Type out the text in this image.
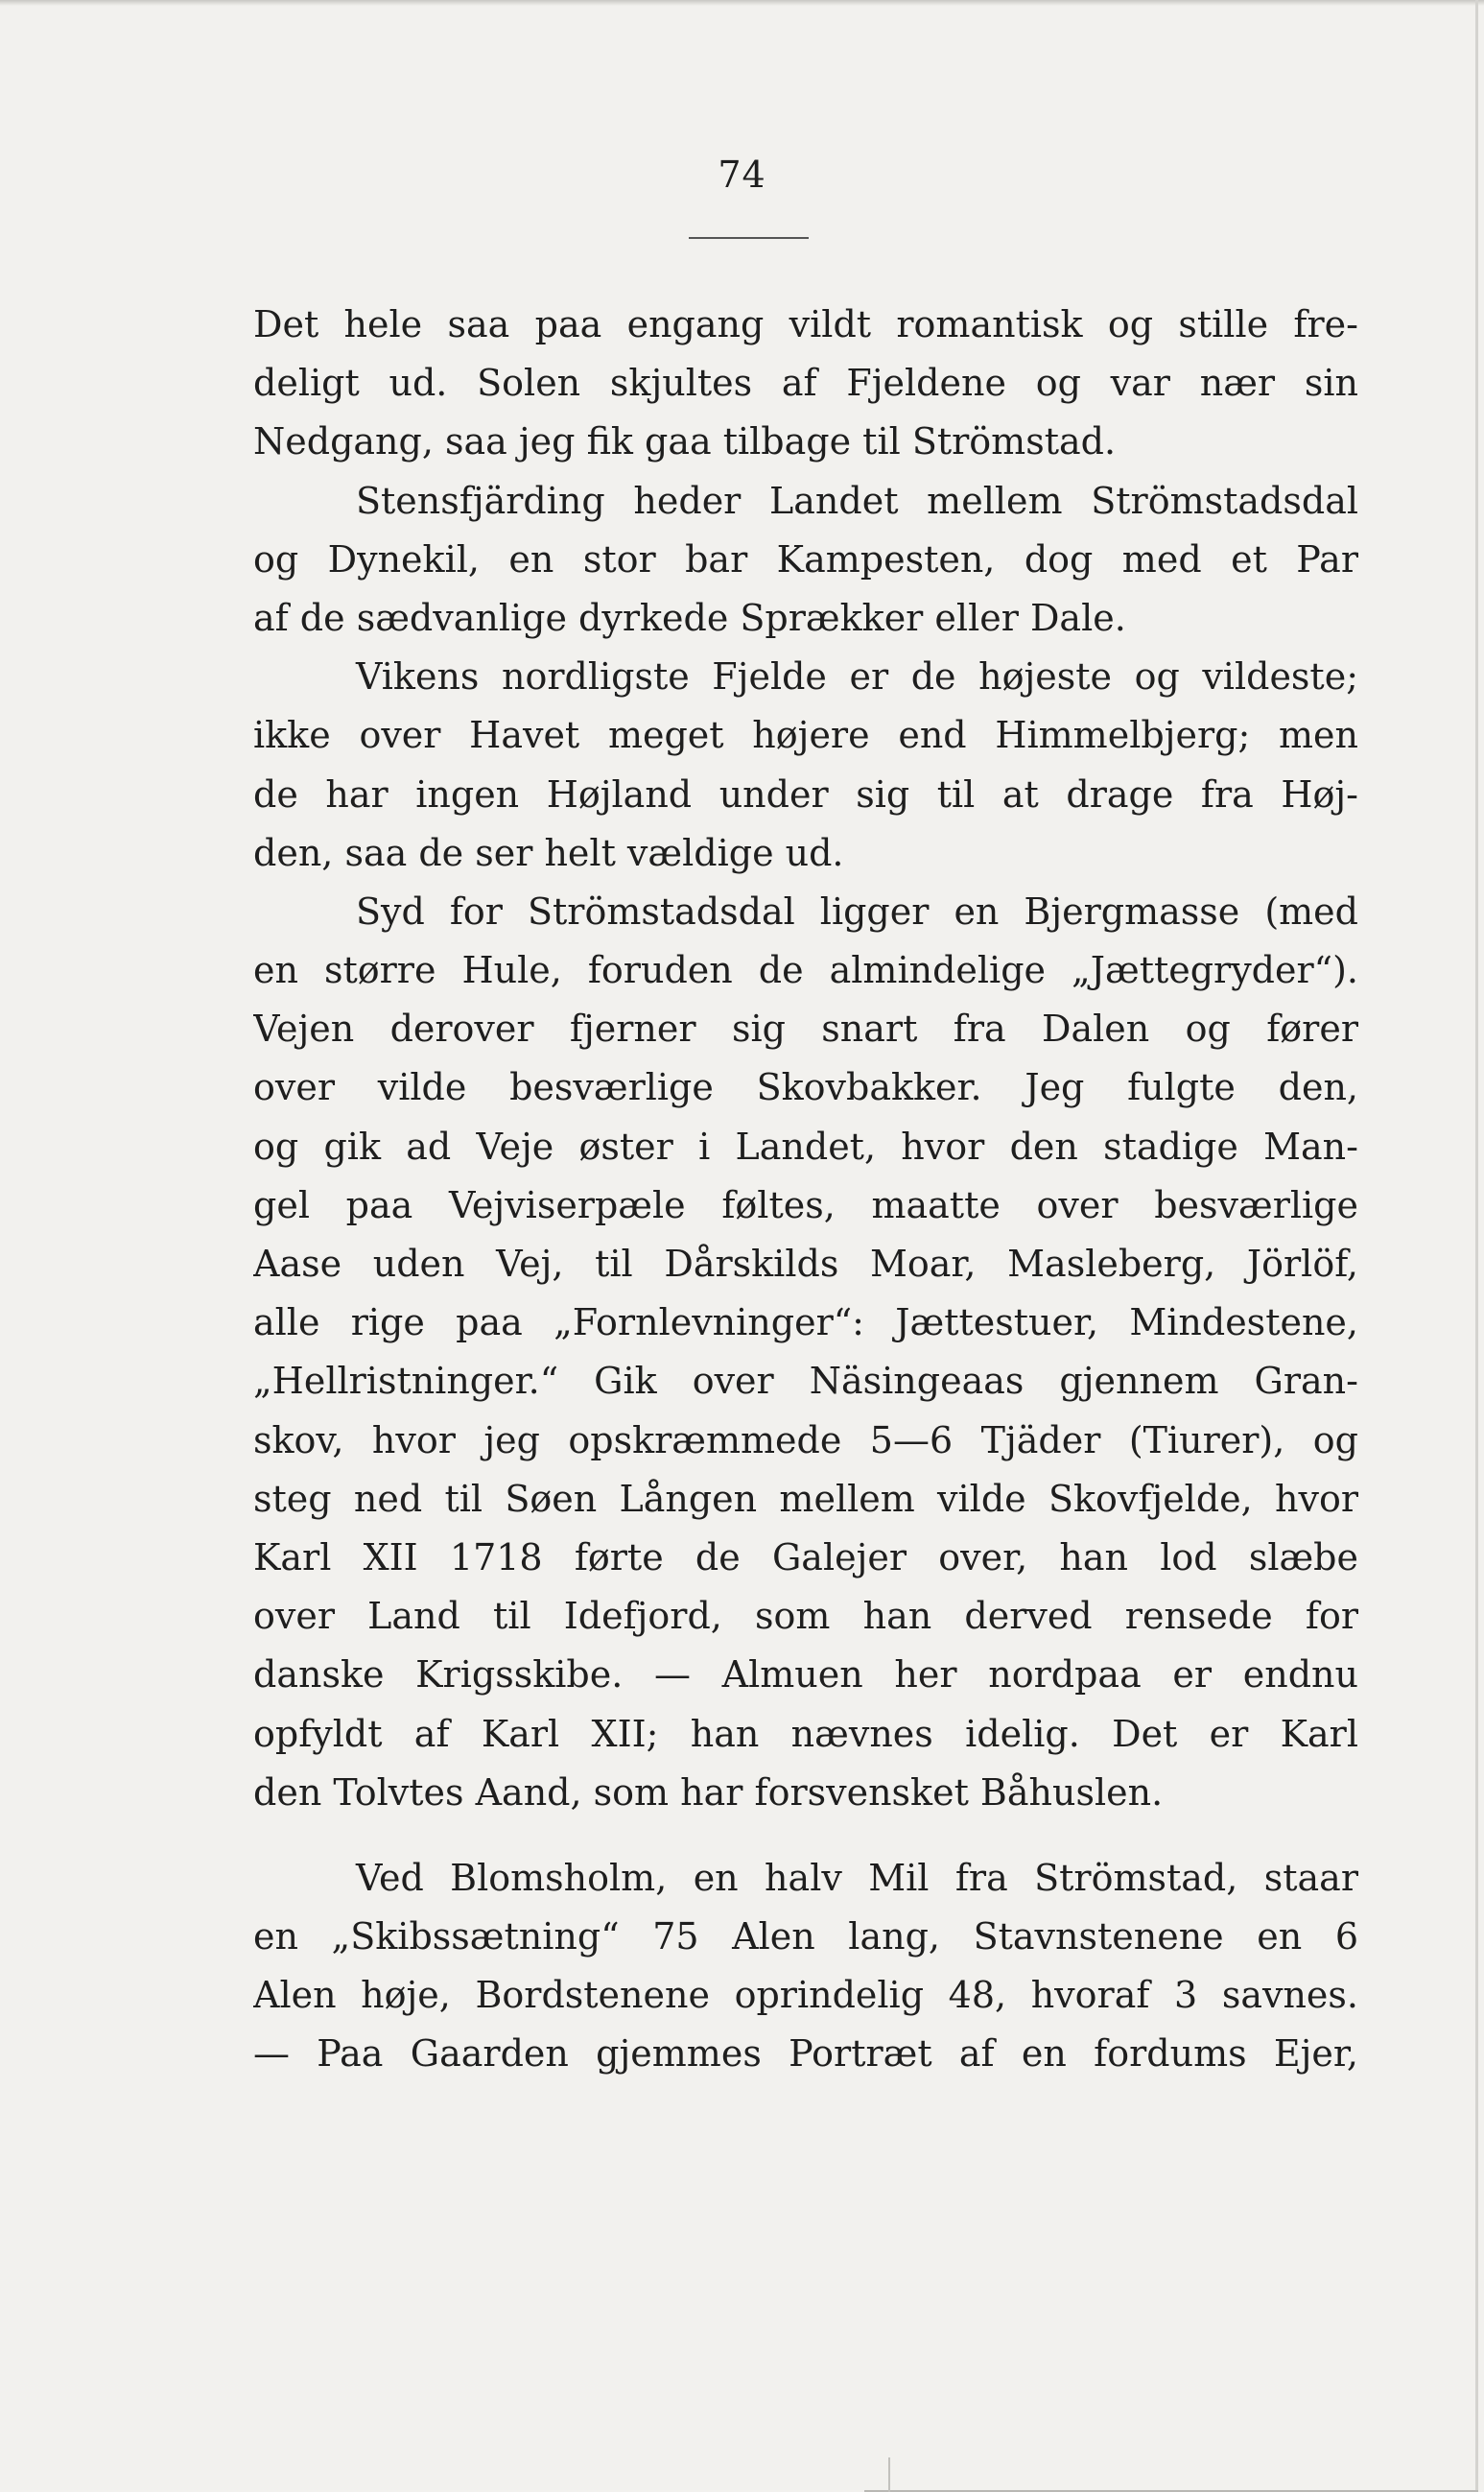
74
Det hele saa paa engang vildt romantisk og stille fre-
deligt ud. Solen skjultes af Fjeldene og var nær sin
Nedgang, saa jeg fik gaa tilbage til Strömstad.
Stensfjärding heder Landet mellem Strömstadsdal
og Dynekil, en stor bar Kampesten, dog med et Par
af de sædvanlige dyrkede Sprækker eller Dale.
Vikens nordligste Fjelde er de højeste og vildeste;
ikke over Havet meget højere end Himmelbjerg; men
de har ingen Højland under sig til at drage fra Høj-
den, saa de ser helt vældige ud.
Syd for Strömstadsdal ligger en Bjergmasse (med
en større Hule, foruden de almindelige „Jættegryder“).
Vejen derover fjerner sig snart fra Dalen og fører
over vilde besværlige Skovbakker. Jeg fulgte den,
og gik ad Veje øster i Landet, hvor den stadige Man-
gel paa Vejviserpæle føltes, maatte over besværlige
Aase uden Vej, til Dårskilds Moar, Masleberg, Jörlöf,
alle rige paa „Fornlevninger“: Jættestuer, Mindestene,
„Hellristninger.“ Gik over Näsingeaas gjennem Gran-
skov, hvor jeg opskræmmede 5—6 Tjäder (Tiurer), og
steg ned til Søen Lången mellem vilde Skovfjelde, hvor
Karl XII 1718 førte de Galejer over, han lod slæbe
over Land til Idefjord, som han derved rensede for
danske Krigsskibe. — Almuen her nordpaa er endnu
opfyldt af Karl XII; han nævnes idelig. Det er Karl
den Tolvtes Aand, som har forsvensket Båhuslen.
Ved Blomsholm, en halv Mil fra Strömstad, staar
en „Skibssætning“ 75 Alen lang, Stavnstenene en 6
Alen høje, Bordstenene oprindelig 48, hvoraf 3 savnes.
— Paa Gaarden gjemmes Portræt af en fordums Ejer,
